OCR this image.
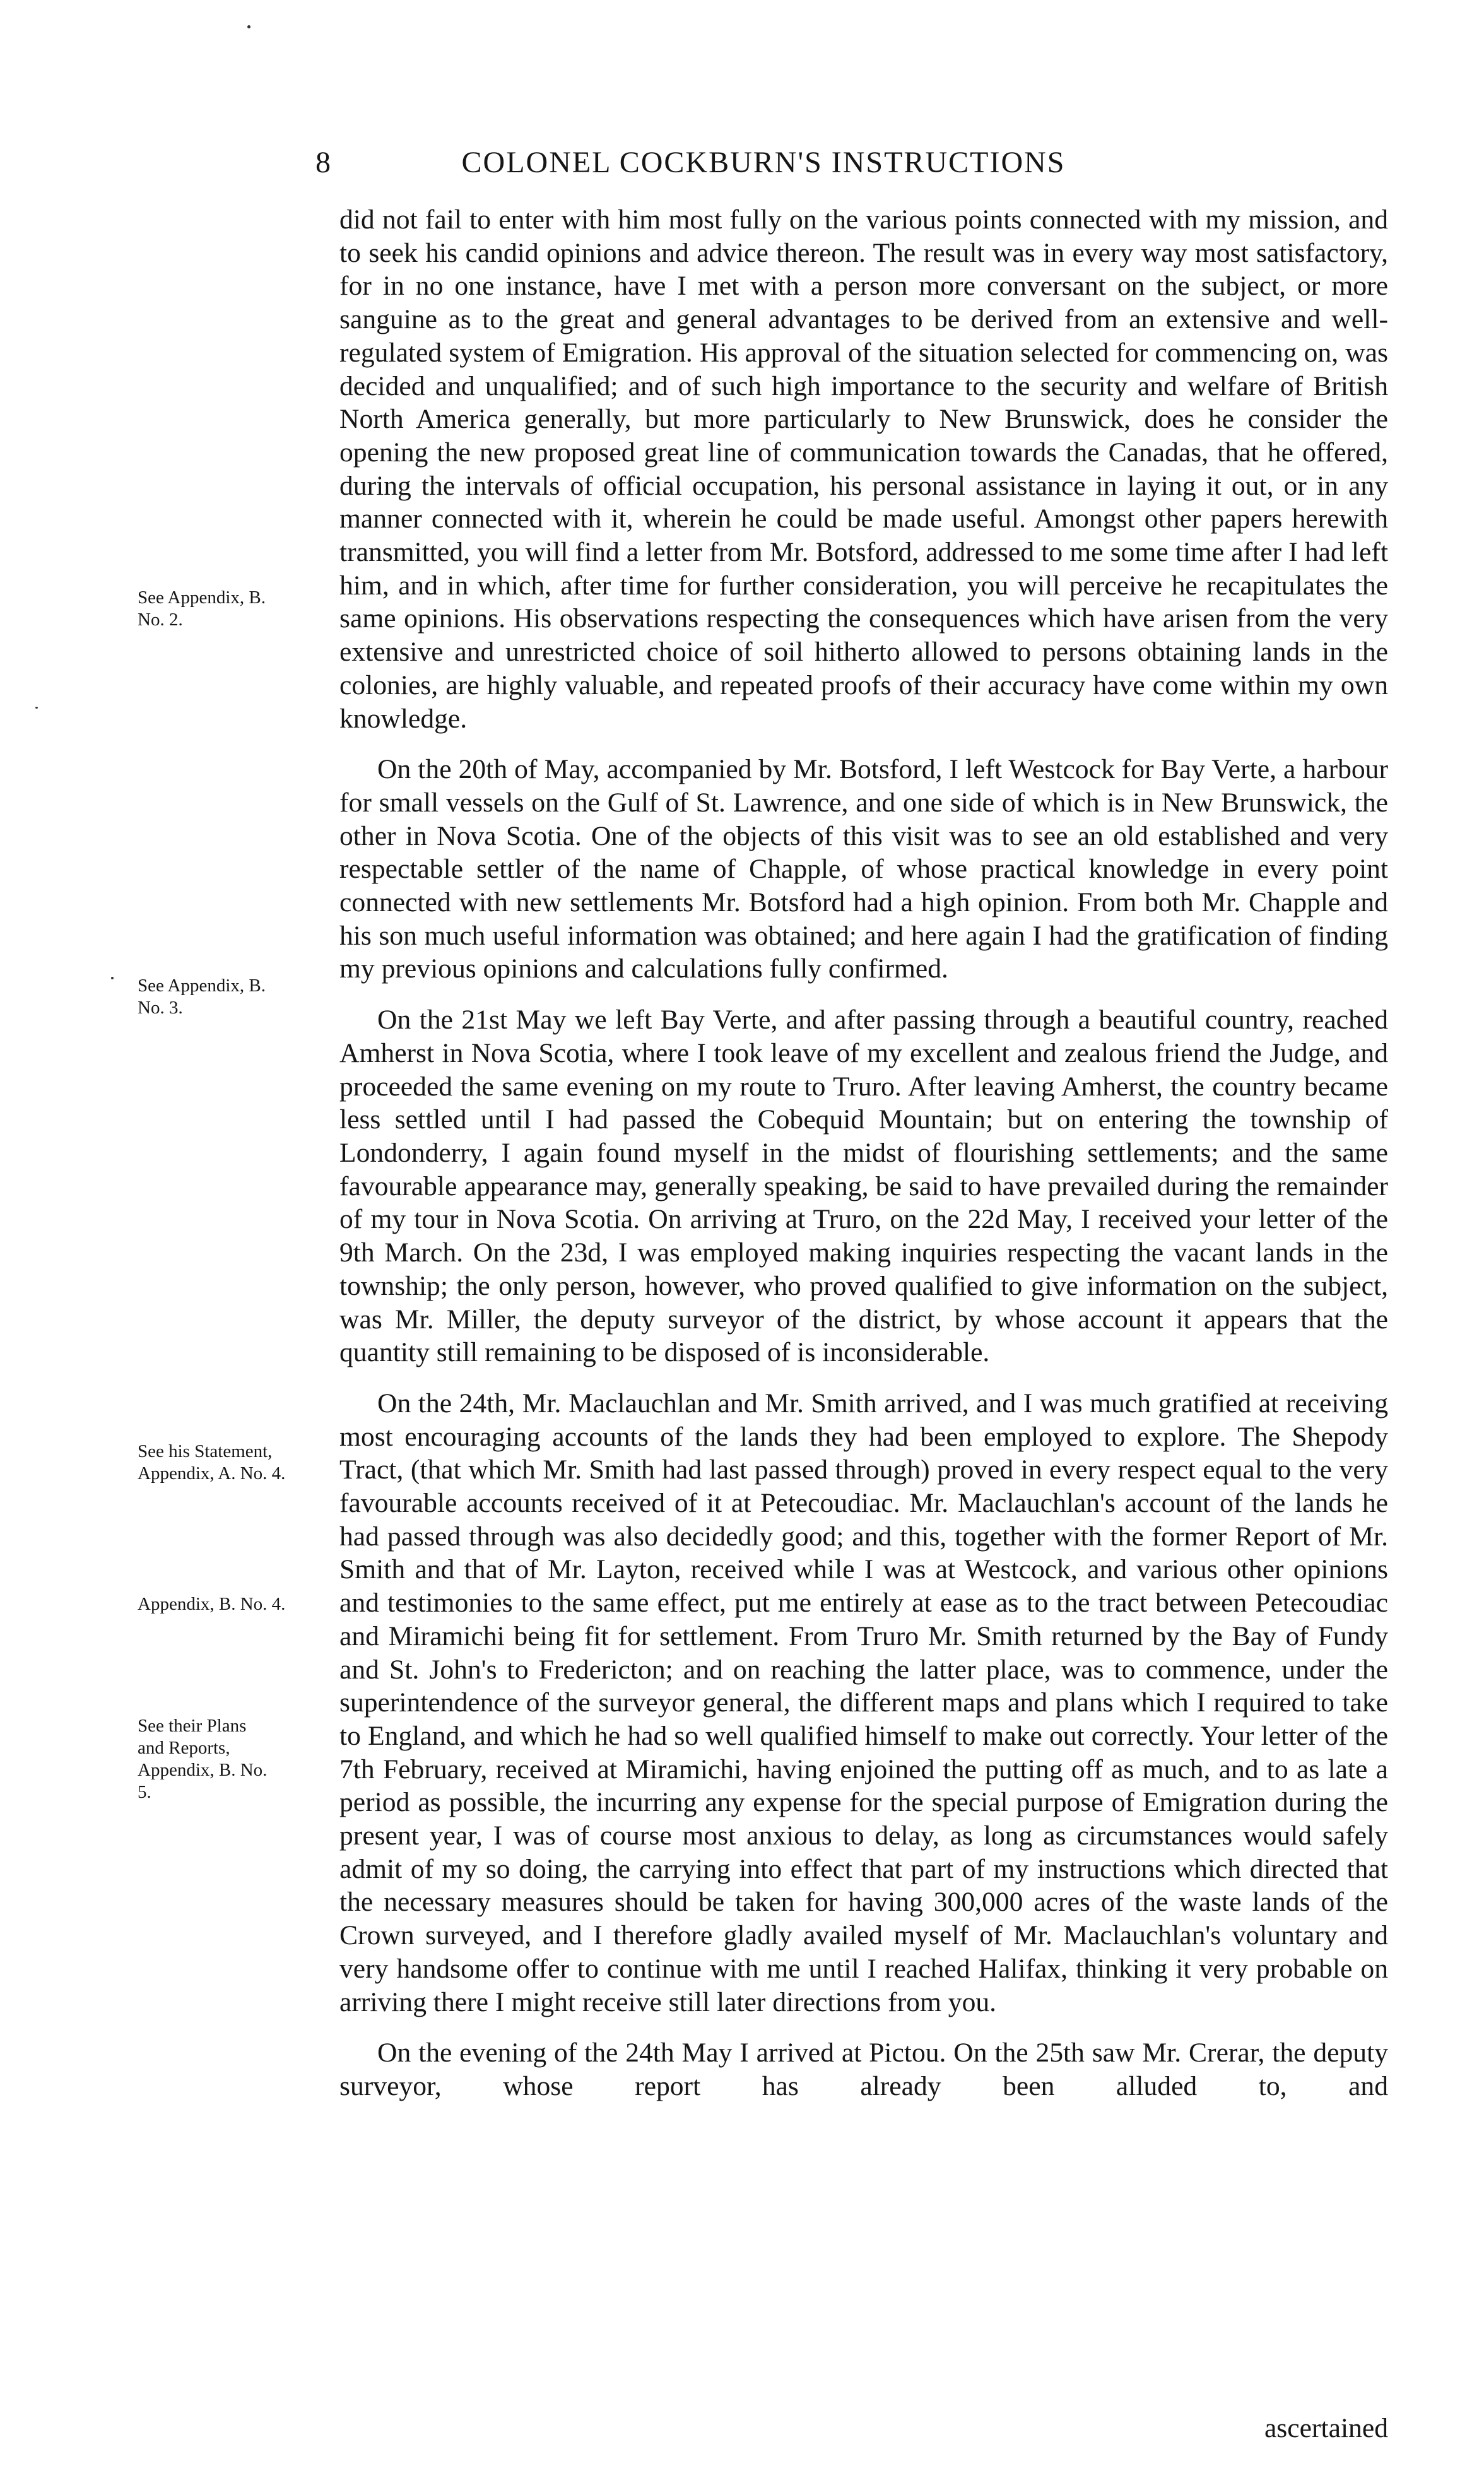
8	COLONEL COCKBURN'S INSTRUCTIONS

did not fail to enter with him most fully on the various points connected with my mission, and to seek his candid opinions and advice thereon. The result was in every way most satisfactory, for in no one instance, have I met with a person more conversant on the subject, or more sanguine as to the great and general advantages to be derived from an extensive and well-regulated system of Emigration. His approval of the situation selected for commencing on, was decided and unqualified; and of such high importance to the security and welfare of British North America generally, but more particularly to New Brunswick, does he consider the opening the new proposed great line of communication towards the Canadas, that he offered, during the intervals of official occupation, his personal assistance in laying it out, or in any manner connected with it, wherein he could be made useful. Amongst other papers herewith transmitted, you will find a letter from Mr. Botsford, addressed to me some time after I had left him, and in which, after time for further consideration, you will perceive he recapitulates the same opinions. His observations respecting the consequences which have arisen from the very extensive and unrestricted choice of soil hitherto allowed to persons obtaining lands in the colonies, are highly valuable, and repeated proofs of their accuracy have come within my own knowledge.

On the 20th of May, accompanied by Mr. Botsford, I left Westcock for Bay Verte, a harbour for small vessels on the Gulf of St. Lawrence, and one side of which is in New Brunswick, the other in Nova Scotia. One of the objects of this visit was to see an old established and very respectable settler of the name of Chapple, of whose practical knowledge in every point connected with new settlements Mr. Botsford had a high opinion. From both Mr. Chapple and his son much useful information was obtained; and here again I had the gratification of finding my previous opinions and calculations fully confirmed.

On the 21st May we left Bay Verte, and after passing through a beautiful country, reached Amherst in Nova Scotia, where I took leave of my excellent and zealous friend the Judge, and proceeded the same evening on my route to Truro. After leaving Amherst, the country became less settled until I had passed the Cobequid Mountain; but on entering the township of Londonderry, I again found myself in the midst of flourishing settlements; and the same favourable appearance may, generally speaking, be said to have prevailed during the remainder of my tour in Nova Scotia. On arriving at Truro, on the 22d May, I received your letter of the 9th March. On the 23d, I was employed making inquiries respecting the vacant lands in the township; the only person, however, who proved qualified to give information on the subject, was Mr. Miller, the deputy surveyor of the district, by whose account it appears that the quantity still remaining to be disposed of is inconsiderable.

On the 24th, Mr. Maclauchlan and Mr. Smith arrived, and I was much gratified at receiving most encouraging accounts of the lands they had been employed to explore. The Shepody Tract, (that which Mr. Smith had last passed through) proved in every respect equal to the very favourable accounts received of it at Petecoudiac. Mr. Maclauchlan's account of the lands he had passed through was also decidedly good; and this, together with the former Report of Mr. Smith and that of Mr. Layton, received while I was at Westcock, and various other opinions and testimonies to the same effect, put me entirely at ease as to the tract between Petecoudiac and Miramichi being fit for settlement. From Truro Mr. Smith returned by the Bay of Fundy and St. John's to Fredericton; and on reaching the latter place, was to commence, under the superintendence of the surveyor general, the different maps and plans which I required to take to England, and which he had so well qualified himself to make out correctly. Your letter of the 7th February, received at Miramichi, having enjoined the putting off as much, and to as late a period as possible, the incurring any expense for the special purpose of Emigration during the present year, I was of course most anxious to delay, as long as circumstances would safely admit of my so doing, the carrying into effect that part of my instructions which directed that the necessary measures should be taken for having 300,000 acres of the waste lands of the Crown surveyed, and I therefore gladly availed myself of Mr. Maclauchlan's voluntary and very handsome offer to continue with me until I reached Halifax, thinking it very probable on arriving there I might receive still later directions from you.

On the evening of the 24th May I arrived at Pictou. On the 25th saw Mr. Crerar, the deputy surveyor, whose report has already been alluded to, and

ascertained
See Appendix, B. No. 2.
See Appendix, B. No. 3.
See his Statement, Appendix, A. No. 4.
Appendix, B. No. 4.
See their Plans and Reports, Appendix, B. No. 5.
